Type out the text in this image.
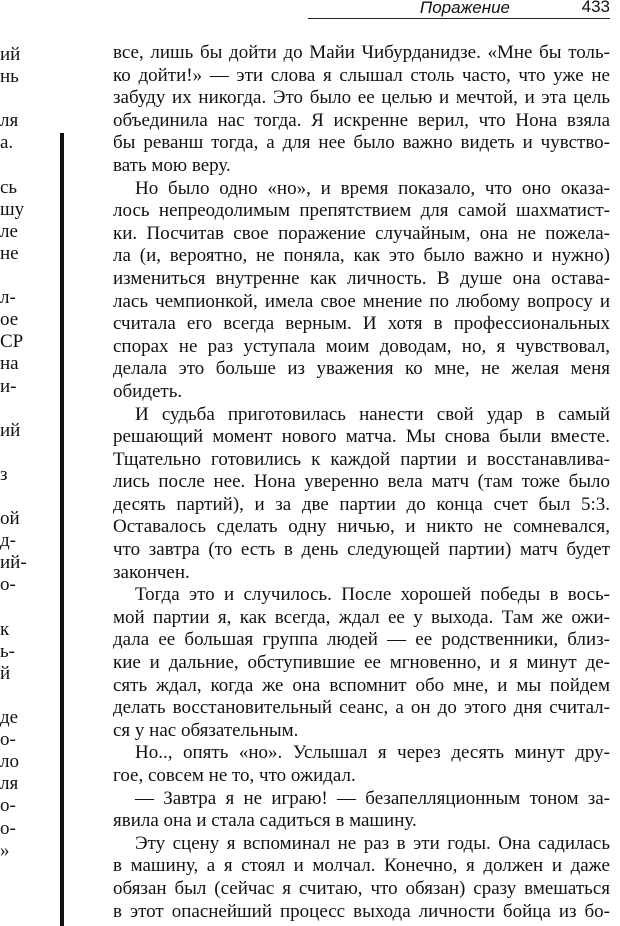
Поражение	433
ий
нь
ля
а.
сь
шу
ле
не
л-
ое
СР
на
и-
ий
з
ой
д-
ий-
о-
к
ь-
й
де
о-
ло
ля
о-
о-
»
все, лишь бы дойти до Майи Чибурданидзе. «Мне бы толь-
ко дойти!» — эти слова я слышал столь часто, что уже не
забуду их никогда. Это было ее целью и мечтой, и эта цель
объединила нас тогда. Я искренне верил, что Нона взяла
бы реванш тогда, а для нее было важно видеть и чувство-
вать мою веру.
Но было одно «но», и время показало, что оно оказа-
лось непреодолимым препятствием для самой шахматист-
ки. Посчитав свое поражение случайным, она не пожела-
ла (и, вероятно, не поняла, как это было важно и нужно)
измениться внутренне как личность. В душе она остава-
лась чемпионкой, имела свое мнение по любому вопросу и
считала его всегда верным. И хотя в профессиональных
спорах не раз уступала моим доводам, но, я чувствовал,
делала это больше из уважения ко мне, не желая меня
обидеть.
И судьба приготовилась нанести свой удар в самый
решающий момент нового матча. Мы снова были вместе.
Тщательно готовились к каждой партии и восстанавлива-
лись после нее. Нона уверенно вела матч (там тоже было
десять партий), и за две партии до конца счет был 5:3.
Оставалось сделать одну ничью, и никто не сомневался,
что завтра (то есть в день следующей партии) матч будет
закончен.
Тогда это и случилось. После хорошей победы в вось-
мой партии я, как всегда, ждал ее у выхода. Там же ожи-
дала ее большая группа людей — ее родственники, близ-
кие и дальние, обступившие ее мгновенно, и я минут де-
сять ждал, когда же она вспомнит обо мне, и мы пойдем
делать восстановительный сеанс, а он до этого дня считал-
ся у нас обязательным.
Но.., опять «но». Услышал я через десять минут дру-
гое, совсем не то, что ожидал.
— Завтра я не играю! — безапелляционным тоном за-
явила она и стала садиться в машину.
Эту сцену я вспоминал не раз в эти годы. Она садилась
в машину, а я стоял и молчал. Конечно, я должен и даже
обязан был (сейчас я считаю, что обязан) сразу вмешаться
в этот опаснейший процесс выхода личности бойца из бо-
